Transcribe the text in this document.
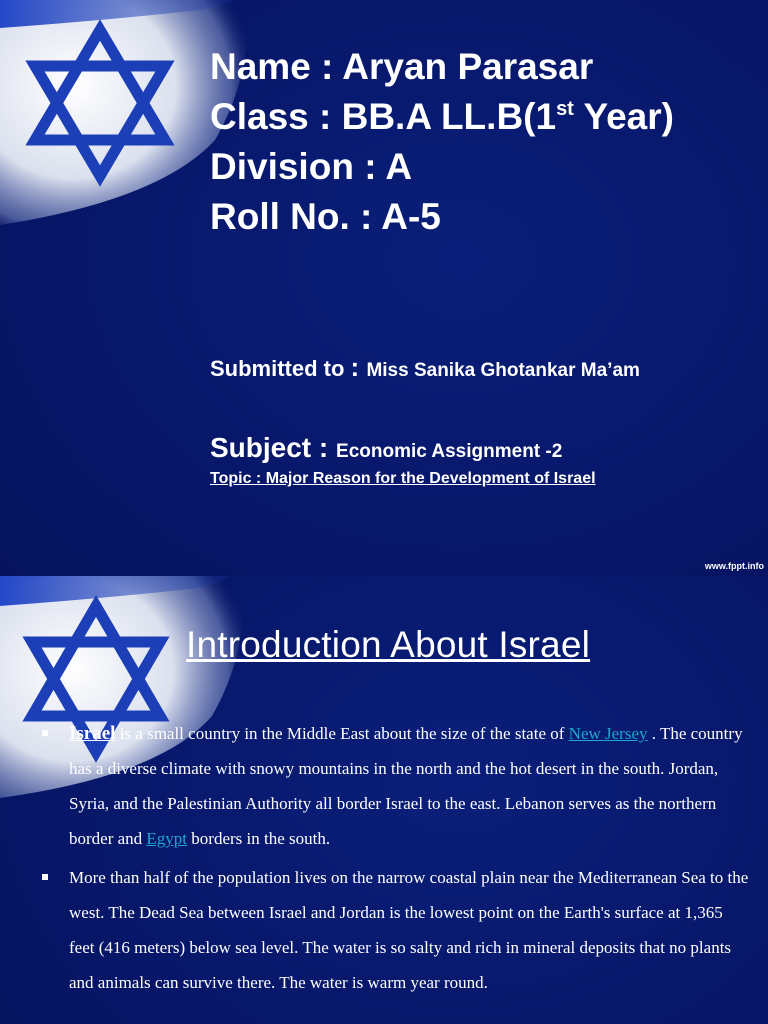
Name : Aryan Parasar
Class : BB.A LL.B(1st Year)
Division : A
Roll No. : A-5

Submitted to : Miss Sanika Ghotankar Ma’am

Subject : Economic Assignment -2

Topic : Major Reason for the Development of Israel

www.fppt.info
Introduction About Israel
Israel is a small country in the Middle East about the size of the state of New Jersey . The country has a diverse climate with snowy mountains in the north and the hot desert in the south. Jordan, Syria, and the Palestinian Authority all border Israel to the east. Lebanon serves as the northern border and Egypt borders in the south.
More than half of the population lives on the narrow coastal plain near the Mediterranean Sea to the west. The Dead Sea between Israel and Jordan is the lowest point on the Earth's surface at 1,365 feet (416 meters) below sea level. The water is so salty and rich in mineral deposits that no plants and animals can survive there. The water is warm year round.
